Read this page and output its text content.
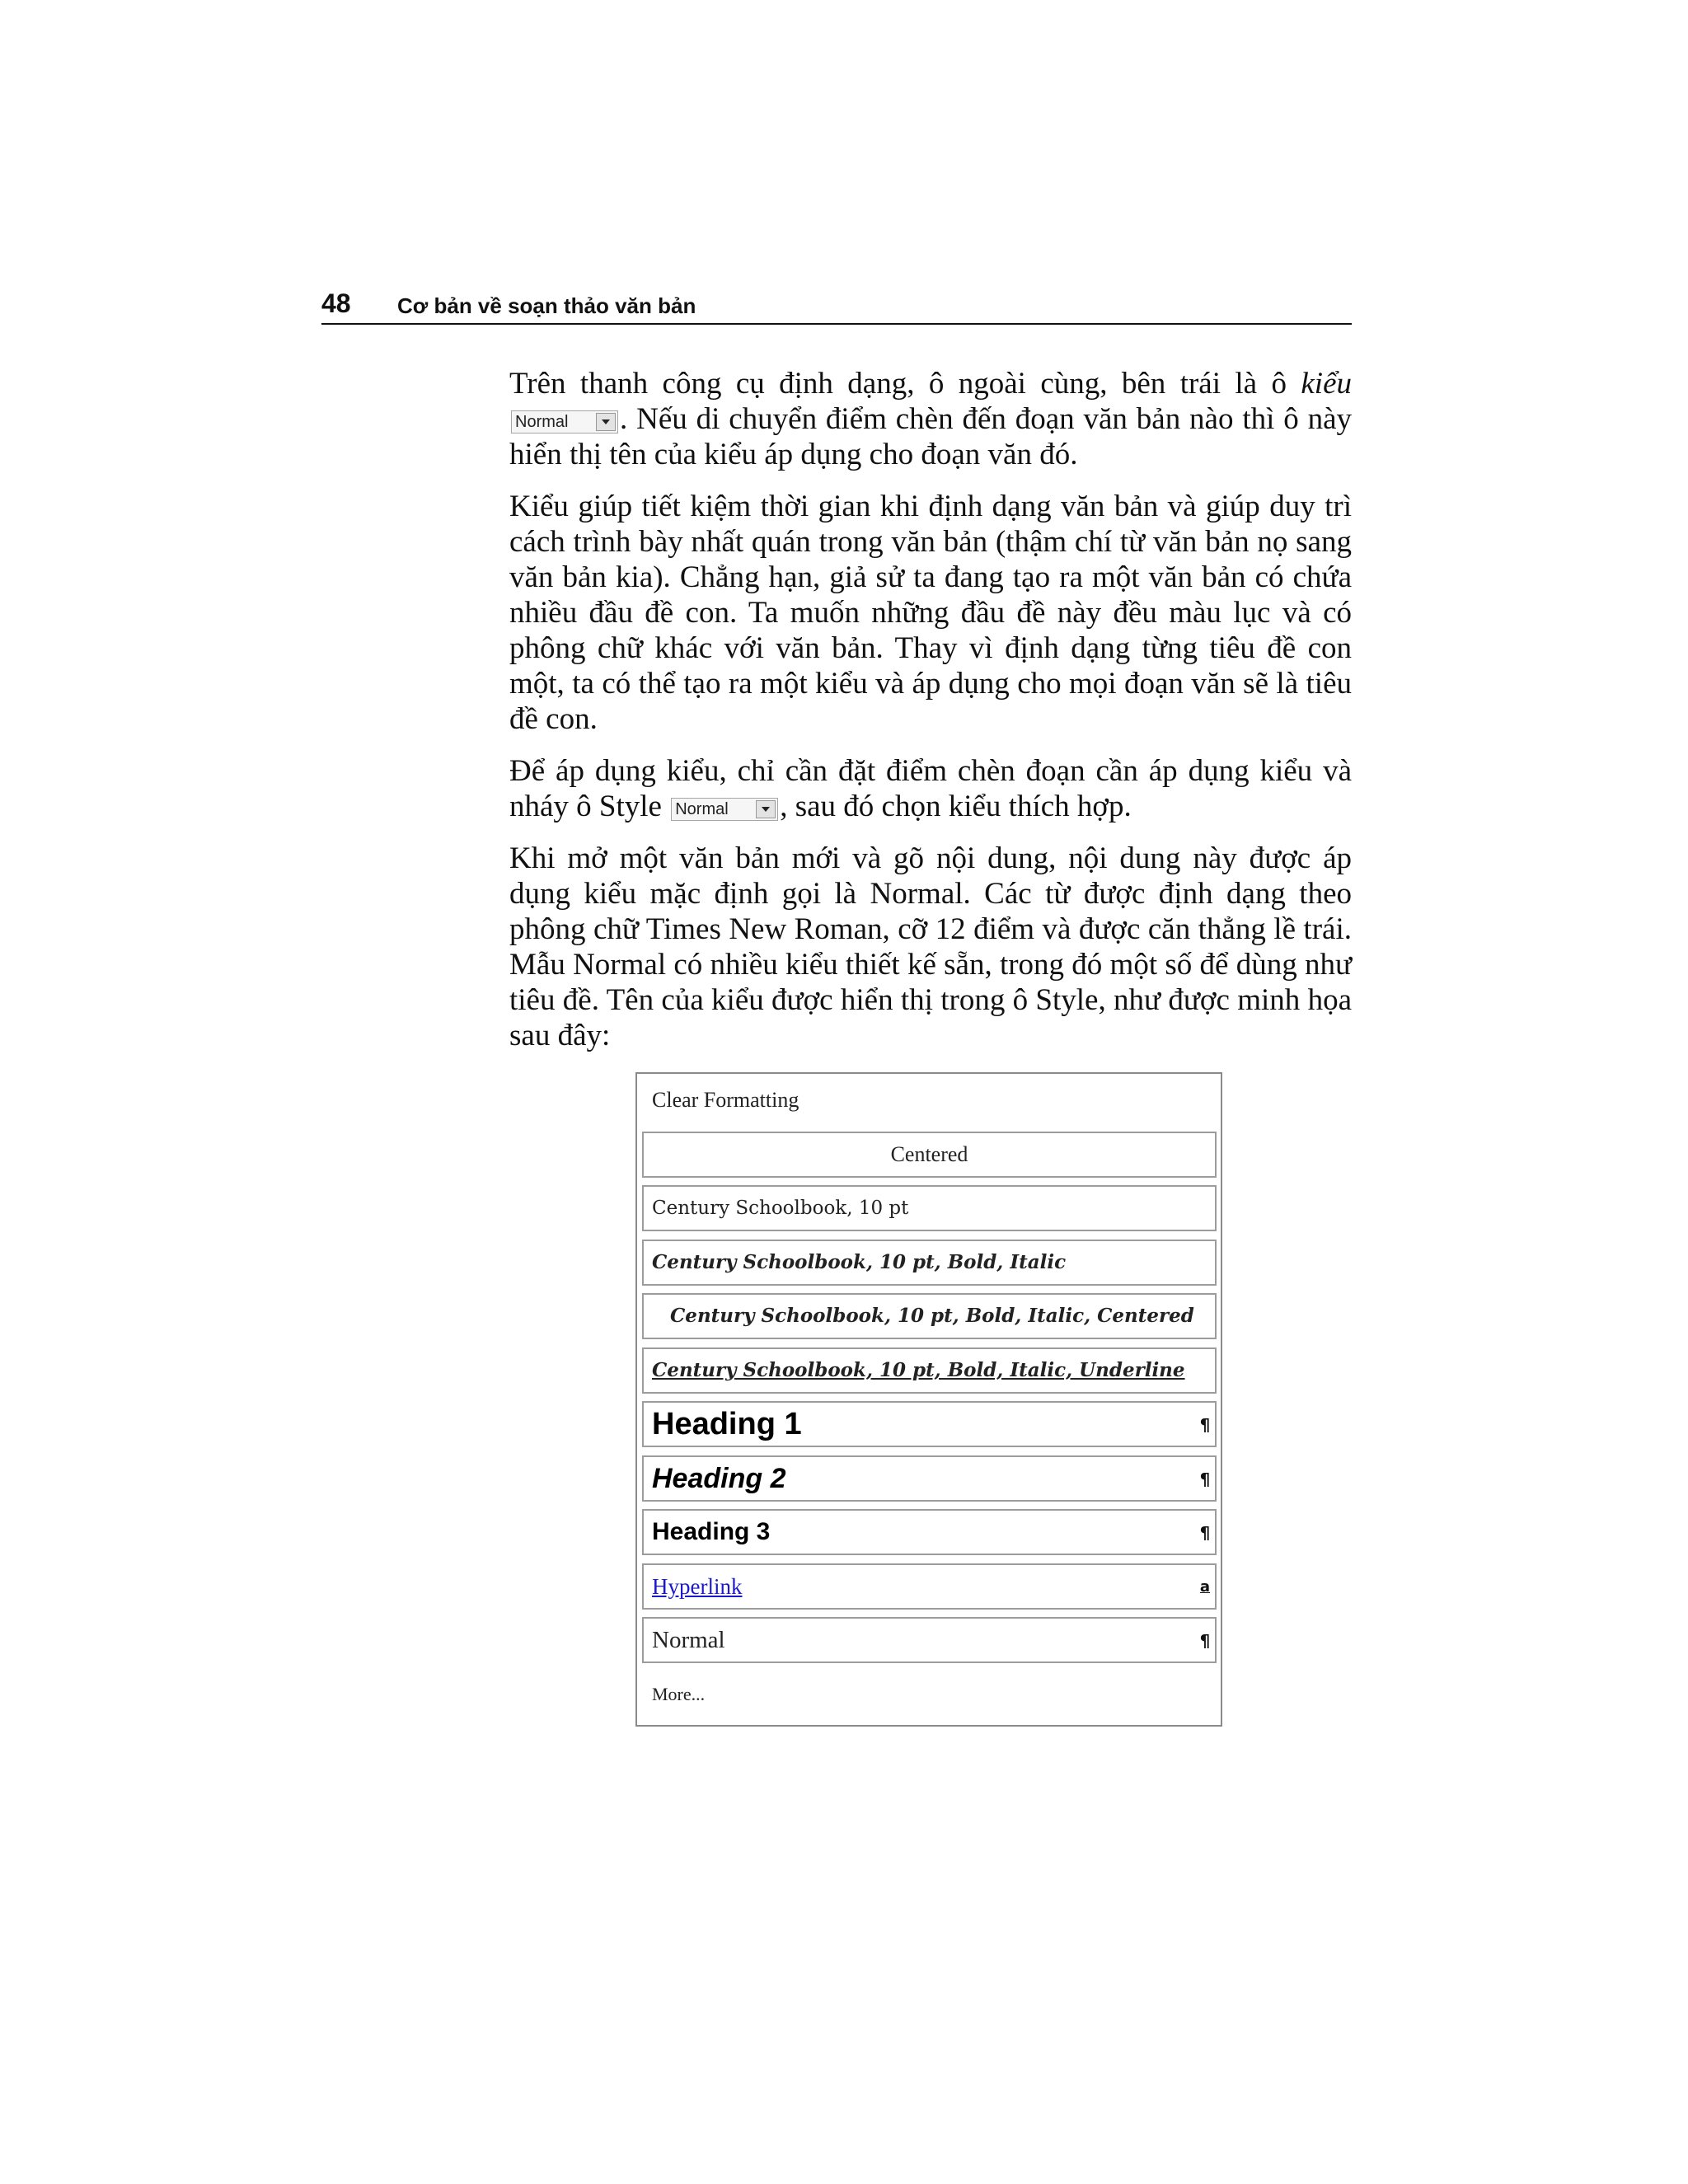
48 Cơ bản về soạn thảo văn bản

Trên thanh công cụ định dạng, ô ngoài cùng, bên trái là ô kiểu
Normal . Nếu di chuyển điểm chèn đến đoạn văn bản nào thì ô này hiển thị tên của kiểu áp dụng cho đoạn văn đó.

Kiểu giúp tiết kiệm thời gian khi định dạng văn bản và giúp duy trì cách trình bày nhất quán trong văn bản (thậm chí từ văn bản nọ sang văn bản kia). Chẳng hạn, giả sử ta đang tạo ra một văn bản có chứa nhiều đầu đề con. Ta muốn những đầu đề này đều màu lục và có phông chữ khác với văn bản. Thay vì định dạng từng tiêu đề con một, ta có thể tạo ra một kiểu và áp dụng cho mọi đoạn văn sẽ là tiêu đề con.

Để áp dụng kiểu, chỉ cần đặt điểm chèn đoạn cần áp dụng kiểu và nháy ô Style Normal , sau đó chọn kiểu thích hợp.

Khi mở một văn bản mới và gõ nội dung, nội dung này được áp dụng kiểu mặc định gọi là Normal. Các từ được định dạng theo phông chữ Times New Roman, cỡ 12 điểm và được căn thẳng lề trái. Mẫu Normal có nhiều kiểu thiết kế sẵn, trong đó một số để dùng như tiêu đề. Tên của kiểu được hiển thị trong ô Style, như được minh họa sau đây:

Clear Formatting
Centered
Century Schoolbook, 10 pt
Century Schoolbook, 10 pt, Bold, Italic
Century Schoolbook, 10 pt, Bold, Italic, Centered
Century Schoolbook, 10 pt, Bold, Italic, Underline
Heading 1	¶
Heading 2	¶
Heading 3	¶
Hyperlink	a
Normal	¶
More...
